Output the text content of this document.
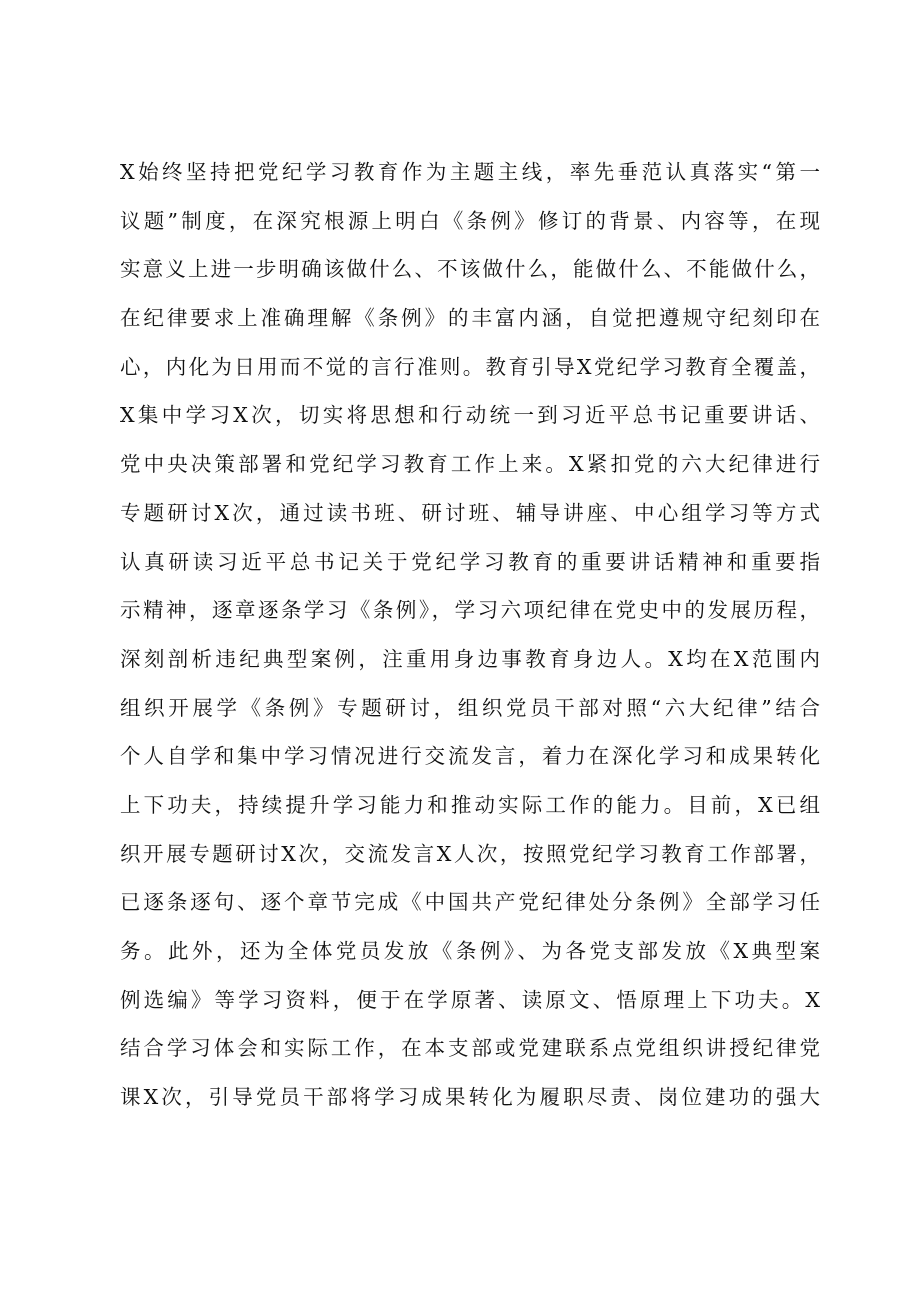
X始终坚持把党纪学习教育作为主题主线，率先垂范认真落实“第一
议题”制度，在深究根源上明白《条例》修订的背景、内容等，在现
实意义上进一步明确该做什么、不该做什么，能做什么、不能做什么，
在纪律要求上准确理解《条例》的丰富内涵，自觉把遵规守纪刻印在
心，内化为日用而不觉的言行准则。教育引导X党纪学习教育全覆盖，
X集中学习X次，切实将思想和行动统一到习近平总书记重要讲话、
党中央决策部署和党纪学习教育工作上来。X紧扣党的六大纪律进行
专题研讨X次，通过读书班、研讨班、辅导讲座、中心组学习等方式
认真研读习近平总书记关于党纪学习教育的重要讲话精神和重要指
示精神，逐章逐条学习《条例》，学习六项纪律在党史中的发展历程，
深刻剖析违纪典型案例，注重用身边事教育身边人。X均在X范围内
组织开展学《条例》专题研讨，组织党员干部对照“六大纪律”结合
个人自学和集中学习情况进行交流发言，着力在深化学习和成果转化
上下功夫，持续提升学习能力和推动实际工作的能力。目前，X已组
织开展专题研讨X次，交流发言X人次，按照党纪学习教育工作部署，
已逐条逐句、逐个章节完成《中国共产党纪律处分条例》全部学习任
务。此外，还为全体党员发放《条例》、为各党支部发放《X典型案
例选编》等学习资料，便于在学原著、读原文、悟原理上下功夫。X
结合学习体会和实际工作，在本支部或党建联系点党组织讲授纪律党
课X次，引导党员干部将学习成果转化为履职尽责、岗位建功的强大
